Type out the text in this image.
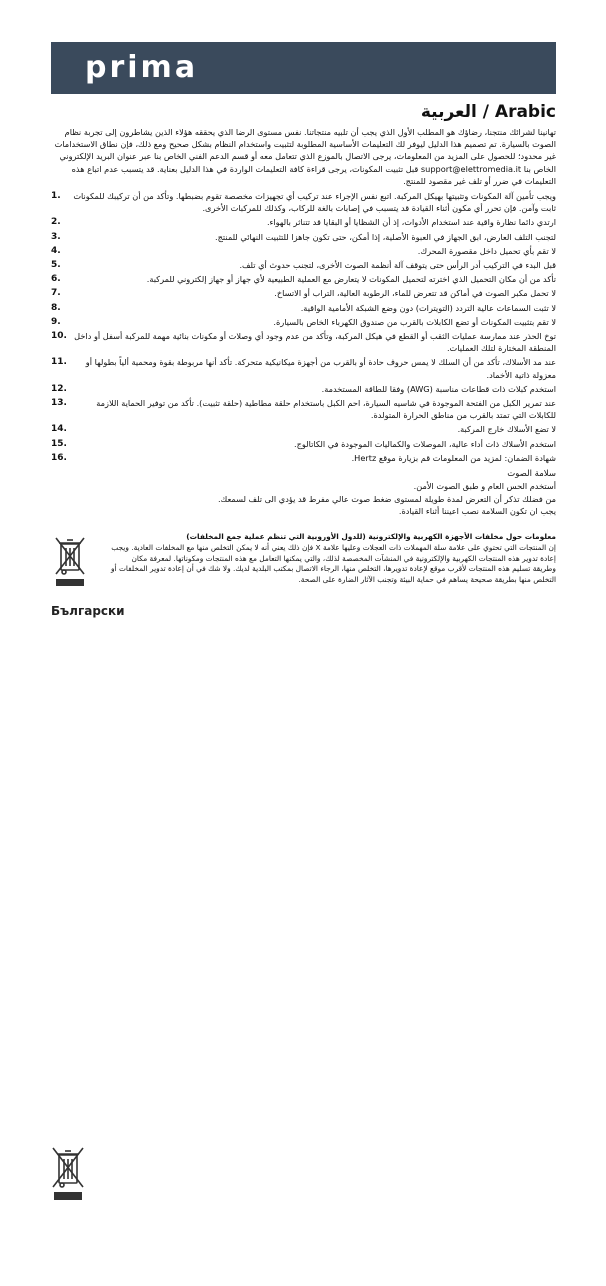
prima
Arabic / العربية
تهانينا لشرائك منتجنا، رضاؤك هو المطلب الأول الذي يجب أن تلبيه منتجاتنا. نفس مستوى الرضا الذي يحققه هؤلاء الذين يشاطرون إلى تجربة نظام الصوت بالسيارة. تم تصميم هذا الدليل ليوفر لك التعليمات الأساسية المطلوبة لتثبيت واستخدام النظام بشكل صحيح ومع ذلك، فإن نطاق الاستخدامات غير محدود؛ للحصول على المزيد من المعلومات، يرجى الاتصال بالموزع الذي تتعامل معه أو قسم الدعم الفني الخاص بنا عبر عنوان البريد الإلكتروني الخاص بنا support@elettromedia.it قبل تثبيت المكونات، يرجى قراءة كافة التعليمات الواردة في هذا الدليل بعناية. قد يتسبب عدم اتباع هذه التعليمات في ضرر أو تلف غير مقصود للمنتج.
1.	ويجب تأمين آلة المكونات وتثبيتها بهيكل المركبة. اتبع نفس الإجراء عند تركيب أي تجهيزات مخصصة تقوم بضبطها. وتأكد من أن تركيبك للمكونات ثابت وآمن. فإن تحرر أي مكون أثناء القيادة قد يتسبب في إصابات بالغة للركاب، وكذلك للمركبات الأخرى.
2.	ارتدي دائما نظارة واقية عند استخدام الأدوات، إذ أن الشظايا أو البقايا قد تتناثر بالهواء.
3.	لتجنب التلف العارض، ابق الجهاز في العبوة الأصلية، إذا أمكن، حتى تكون جاهزا للتثبيت النهائي للمنتج.
4.	لا تقم بأي تحميل داخل مقصورة المحرك.
5.	قبل البدء في التركيب أدر الرأس حتى يتوقف آلة أنظمة الصوت الأخرى، لتجنب حدوث أي تلف.
6.	تأكد من أن مكان التحميل الذي اخترته لتحميل المكونات لا يتعارض مع العملية الطبيعية لأي جهاز أو جهاز إلكتروني للمركبة.
7.	لا تحمل مكبر الصوت في أماكن قد تتعرض للماء، الرطوبة العالية، التراب أو الاتساخ.
8.	لا تثبت السماعات عالية التردد (التويترات) دون وضع الشبكة الأمامية الواقية.
9.	لا تقم بتثبيت المكونات أو تضع الكابلات بالقرب من صندوق الكهرباء الخاص بالسيارة.
10. توخ الحذر عند ممارسة عمليات الثقب أو القطع في هيكل المركبة، وتأكد من عدم وجود أي وصلات أو مكونات بنائية مهمة للمركبة أسفل أو داخل المنطقة المختارة لتلك العمليات.
11.	عند مد الأسلاك، تأكد من أن السلك لا يمس حروف حادة أو بالقرب من أجهزة ميكانيكية متحركة. تأكد أنها مربوطة بقوة ومحمية ألياً بطولها أو معزولة ذاتية الأخماد.
12.	استخدم كبلات ذات قطاعات مناسبة (AWG) وفقا للطاقة المستخدمة.
13.	عند تمرير الكبل من الفتحة الموجودة في شاسيه السيارة، احم الكبل باستخدام حلقة مطاطية (حلقة تثبيت). تأكد من توفير الحماية اللازمة للكابلات التي تمتد بالقرب من مناطق الحرارة المتولدة.
14.	لا تضع الأسلاك خارج المركبة.
15.	استخدم الأسلاك ذات أداء عالية، الموصلات والكماليات الموجودة في الكاتالوج.
16.	شهادة الضمان: لمزيد من المعلومات قم بزيارة موقع Hertz.
سلامة الصوت
أستخدم الحس العام و طبق الصوت الأمن.
من فضلك تذكر أن التعرض لمدة طويلة لمستوى ضغط صوت عالي مفرط قد يؤدي الى تلف لسمعك.
يجب ان تكون السلامة نصب اعيننا أثناء القيادة.
معلومات حول مخلفات الأجهزة الكهربية والإلكترونية (للدول الأوروبية التي تنظم عملية جمع المخلفات)
إن المنتجات التي تحتوي على علامة سلة المهملات ذات العجلات وعليها علامة X فإن ذلك يعني أنه لا يمكن التخلص منها مع المخلفات العادية. ويجب إعادة تدوير هذه المنتجات الكهربية والإلكترونية في المنشآت المخصصة لذلك، والتي يمكنها التعامل مع هذه المنتجات ومكوناتها. لمعرفة مكان وطريقة تسليم هذه المنتجات لأقرب موقع لإعادة تدويرها، التخلص منها، الرجاء الاتصال بمكتب البلدية لديك. ولا شك في أن إعادة تدوير المخلفات أو التخلص منها بطريقة صحيحة يساهم في حماية البيئة وتجنب الآثار الضارة على الصحة.
Български
